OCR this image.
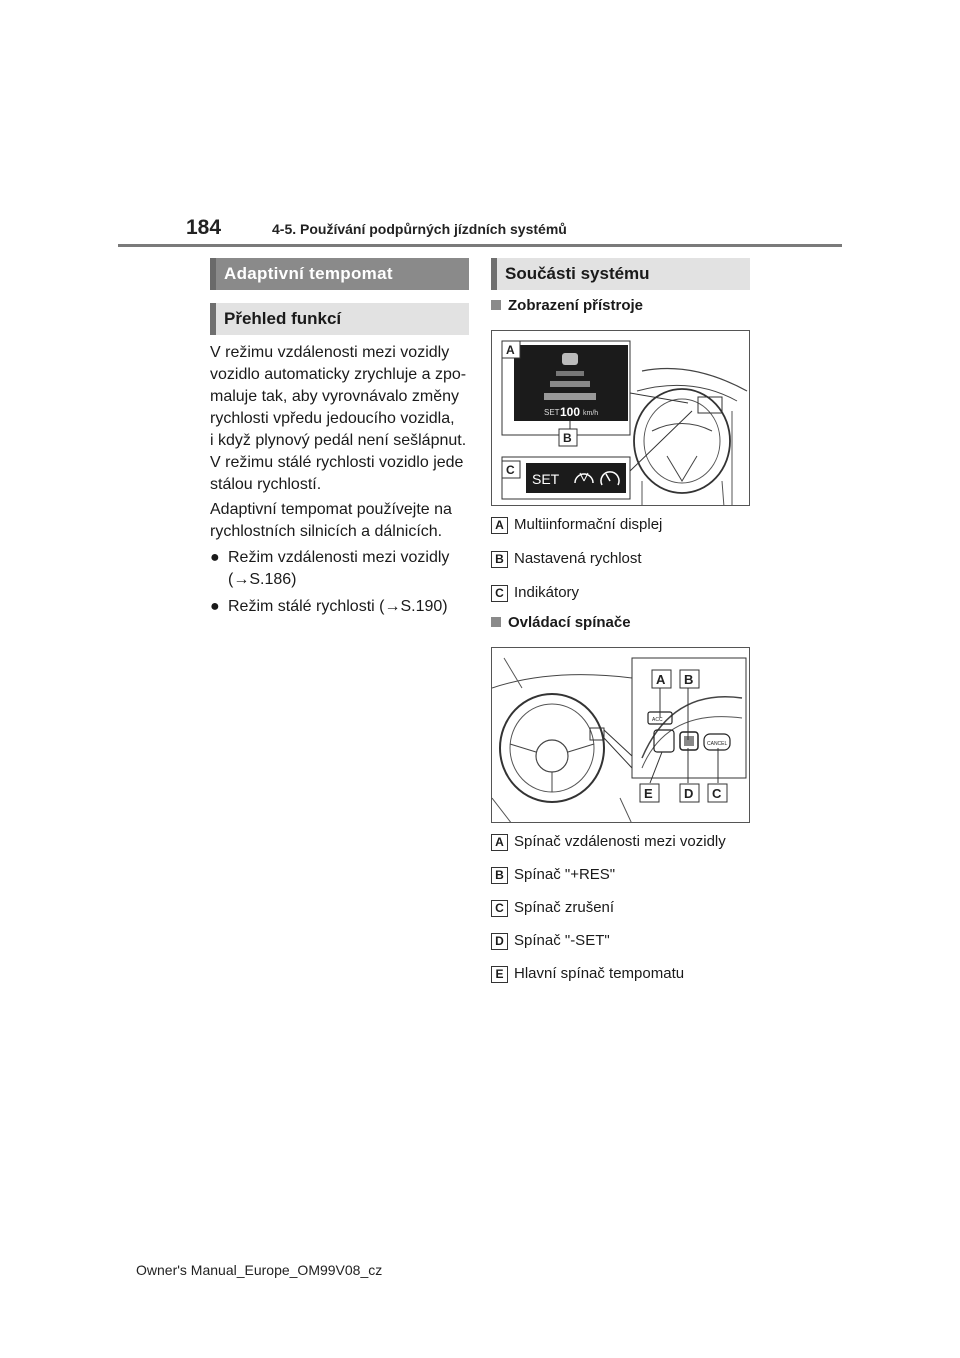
184	4-5. Používání podpůrných jízdních systémů
Adaptivní tempomat
Přehled funkcí
V režimu vzdálenosti mezi vozidly
vozidlo automaticky zrychluje a zpo-
maluje tak, aby vyrovnávalo změny
rychlosti vpředu jedoucího vozidla,
i když plynový pedál není sešlápnut.
V režimu stálé rychlosti vozidlo jede
stálou rychlostí.
Adaptivní tempomat používejte na
rychlostních silnicích a dálnicích.
● Režim vzdálenosti mezi vozidly
(→S.186)
● Režim stálé rychlosti (→S.190)
Součásti systému
Zobrazení přístroje
SET 100 km/h
A
B
SET
C
A Multiinformační displej
B Nastavená rychlost
C Indikátory
Ovládací spínače
ACC
CANCEL
A B
E D C
A Spínač vzdálenosti mezi vozidly
B Spínač "+RES"
C Spínač zrušení
D Spínač "-SET"
E Hlavní spínač tempomatu
Owner's Manual_Europe_OM99V08_cz
